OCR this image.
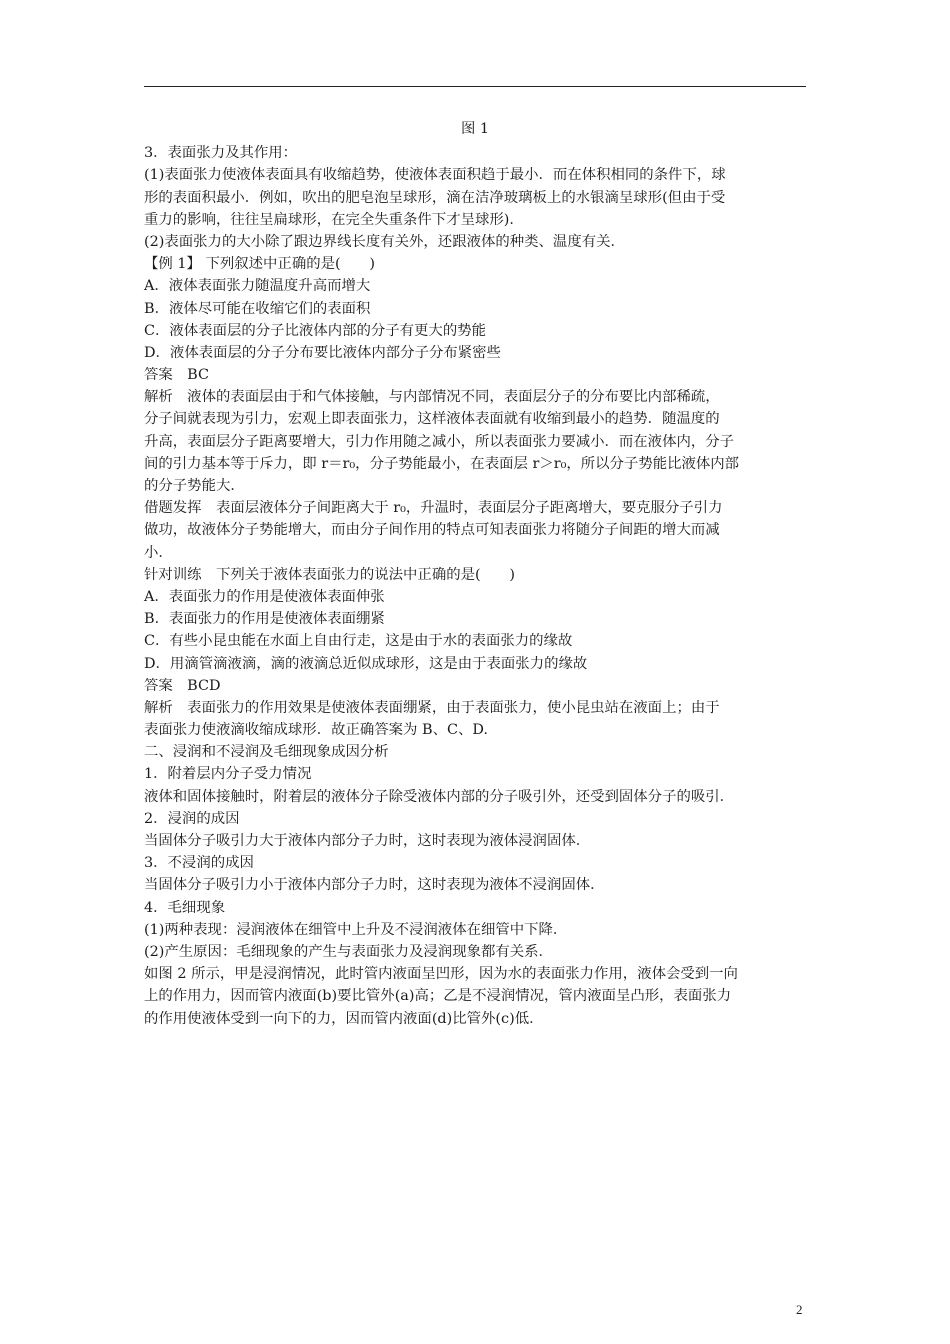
图 1
3．表面张力及其作用：
(1)表面张力使液体表面具有收缩趋势，使液体表面积趋于最小．而在体积相同的条件下，球
形的表面积最小．例如，吹出的肥皂泡呈球形，滴在洁净玻璃板上的水银滴呈球形(但由于受
重力的影响，往往呈扁球形，在完全失重条件下才呈球形)．
(2)表面张力的大小除了跟边界线长度有关外，还跟液体的种类、温度有关．
【例 1】 下列叙述中正确的是(　　)
A．液体表面张力随温度升高而增大
B．液体尽可能在收缩它们的表面积
C．液体表面层的分子比液体内部的分子有更大的势能
D．液体表面层的分子分布要比液体内部分子分布紧密些
答案　BC
解析　液体的表面层由于和气体接触，与内部情况不同，表面层分子的分布要比内部稀疏，
分子间就表现为引力，宏观上即表面张力，这样液体表面就有收缩到最小的趋势．随温度的
升高，表面层分子距离要增大，引力作用随之减小，所以表面张力要减小．而在液体内，分子
间的引力基本等于斥力，即 r＝r₀，分子势能最小，在表面层 r＞r₀，所以分子势能比液体内部
的分子势能大．
借题发挥　表面层液体分子间距离大于 r₀，升温时，表面层分子距离增大，要克服分子引力
做功，故液体分子势能增大，而由分子间作用的特点可知表面张力将随分子间距的增大而减
小．
针对训练　下列关于液体表面张力的说法中正确的是(　　)
A．表面张力的作用是使液体表面伸张
B．表面张力的作用是使液体表面绷紧
C．有些小昆虫能在水面上自由行走，这是由于水的表面张力的缘故
D．用滴管滴液滴，滴的液滴总近似成球形，这是由于表面张力的缘故
答案　BCD
解析　表面张力的作用效果是使液体表面绷紧，由于表面张力，使小昆虫站在液面上；由于
表面张力使液滴收缩成球形．故正确答案为 B、C、D.
二、浸润和不浸润及毛细现象成因分析
1．附着层内分子受力情况
液体和固体接触时，附着层的液体分子除受液体内部的分子吸引外，还受到固体分子的吸引．
2．浸润的成因
当固体分子吸引力大于液体内部分子力时，这时表现为液体浸润固体．
3．不浸润的成因
当固体分子吸引力小于液体内部分子力时，这时表现为液体不浸润固体．
4．毛细现象
(1)两种表现：浸润液体在细管中上升及不浸润液体在细管中下降．
(2)产生原因：毛细现象的产生与表面张力及浸润现象都有关系．
如图 2 所示，甲是浸润情况，此时管内液面呈凹形，因为水的表面张力作用，液体会受到一向
上的作用力，因而管内液面(b)要比管外(a)高；乙是不浸润情况，管内液面呈凸形，表面张力
的作用使液体受到一向下的力，因而管内液面(d)比管外(c)低．
2
